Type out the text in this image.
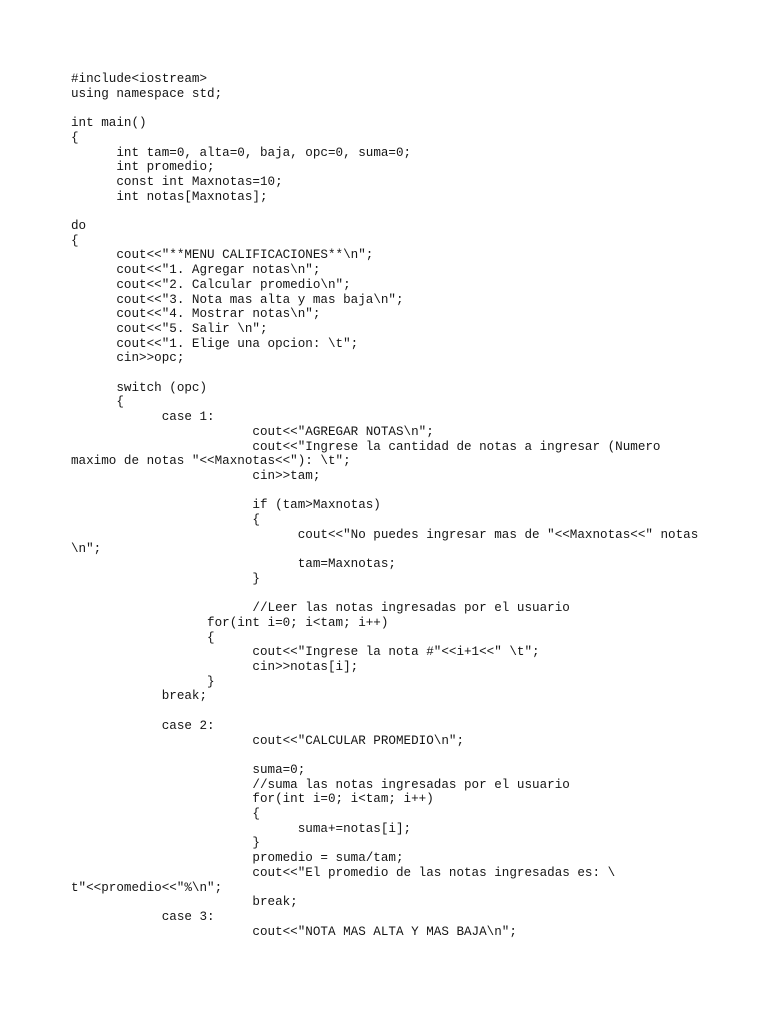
#include<iostream>
using namespace std;
int main()
{
int tam=0, alta=0, baja, opc=0, suma=0;
int promedio;
const int Maxnotas=10;
int notas[Maxnotas];
do
{
cout<<"**MENU CALIFICACIONES**\n";
cout<<"1. Agregar notas\n";
cout<<"2. Calcular promedio\n";
cout<<"3. Nota mas alta y mas baja\n";
cout<<"4. Mostrar notas\n";
cout<<"5. Salir \n";
cout<<"1. Elige una opcion: \t";
cin>>opc;
switch (opc)
{
case 1:
cout<<"AGREGAR NOTAS\n";
cout<<"Ingrese la cantidad de notas a ingresar (Numero
maximo de notas "<<Maxnotas<<"): \t";
cin>>tam;
if (tam>Maxnotas)
{
cout<<"No puedes ingresar mas de "<<Maxnotas<<" notas
\n";
tam=Maxnotas;
}
//Leer las notas ingresadas por el usuario
for(int i=0; i<tam; i++)
{
cout<<"Ingrese la nota #"<<i+1<<" \t";
cin>>notas[i];
}
break;
case 2:
cout<<"CALCULAR PROMEDIO\n";
suma=0;
//suma las notas ingresadas por el usuario
for(int i=0; i<tam; i++)
{
suma+=notas[i];
}
promedio = suma/tam;
cout<<"El promedio de las notas ingresadas es: \
t"<<promedio<<"%\n";
break;
case 3:
cout<<"NOTA MAS ALTA Y MAS BAJA\n";
